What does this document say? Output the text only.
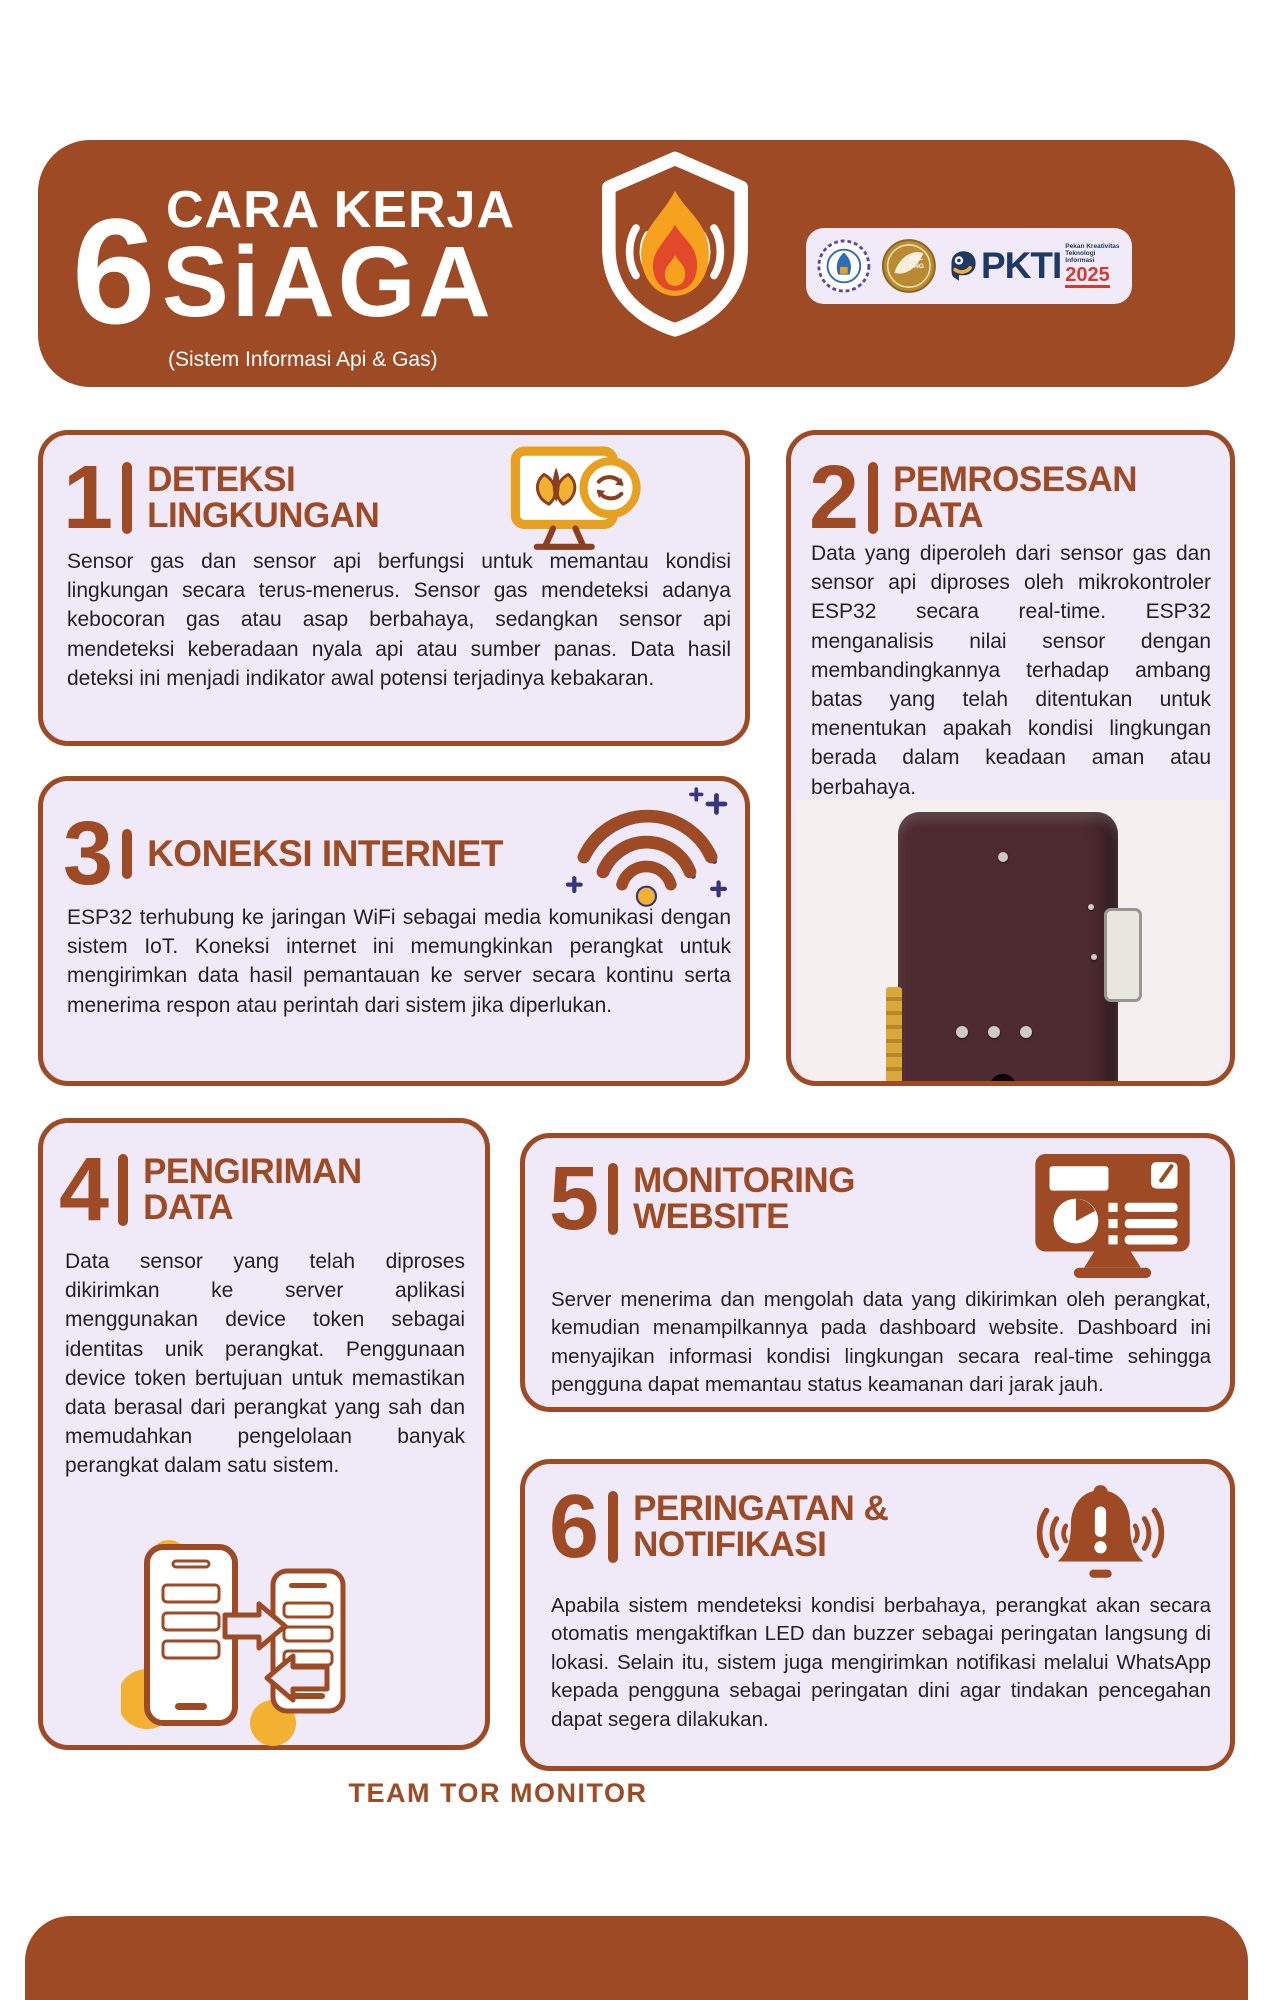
6 CARA KERJA
SiAGA
(Sistem Informasi Api & Gas)
KSL
UNG PKTI Pekan Kreativitas
Teknologi Informasi
2025
1 DETEKSI
LINGKUNGAN
Sensor gas dan sensor api berfungsi untuk memantau kondisi lingkungan secara terus-menerus. Sensor gas mendeteksi adanya kebocoran gas atau asap berbahaya, sedangkan sensor api mendeteksi keberadaan nyala api atau sumber panas. Data hasil deteksi ini menjadi indikator awal potensi terjadinya kebakaran.
2 PEMROSESAN
DATA
Data yang diperoleh dari sensor gas dan sensor api diproses oleh mikrokontroler ESP32 secara real-time. ESP32 menganalisis nilai sensor dengan membandingkannya terhadap ambang batas yang telah ditentukan untuk menentukan apakah kondisi lingkungan berada dalam keadaan aman atau berbahaya.
3 KONEKSI INTERNET
ESP32 terhubung ke jaringan WiFi sebagai media komunikasi dengan sistem IoT. Koneksi internet ini memungkinkan perangkat untuk mengirimkan data hasil pemantauan ke server secara kontinu serta menerima respon atau perintah dari sistem jika diperlukan.
4 PENGIRIMAN
DATA
Data sensor yang telah diproses dikirimkan ke server aplikasi menggunakan device token sebagai identitas unik perangkat. Penggunaan device token bertujuan untuk memastikan data berasal dari perangkat yang sah dan memudahkan pengelolaan banyak perangkat dalam satu sistem.
5 MONITORING
WEBSITE
Server menerima dan mengolah data yang dikirimkan oleh perangkat, kemudian menampilkannya pada dashboard website. Dashboard ini menyajikan informasi kondisi lingkungan secara real-time sehingga pengguna dapat memantau status keamanan dari jarak jauh.
6 PERINGATAN &
NOTIFIKASI
Apabila sistem mendeteksi kondisi berbahaya, perangkat akan secara otomatis mengaktifkan LED dan buzzer sebagai peringatan langsung di lokasi. Selain itu, sistem juga mengirimkan notifikasi melalui WhatsApp kepada pengguna sebagai peringatan dini agar tindakan pencegahan dapat segera dilakukan.
TEAM TOR MONITOR
